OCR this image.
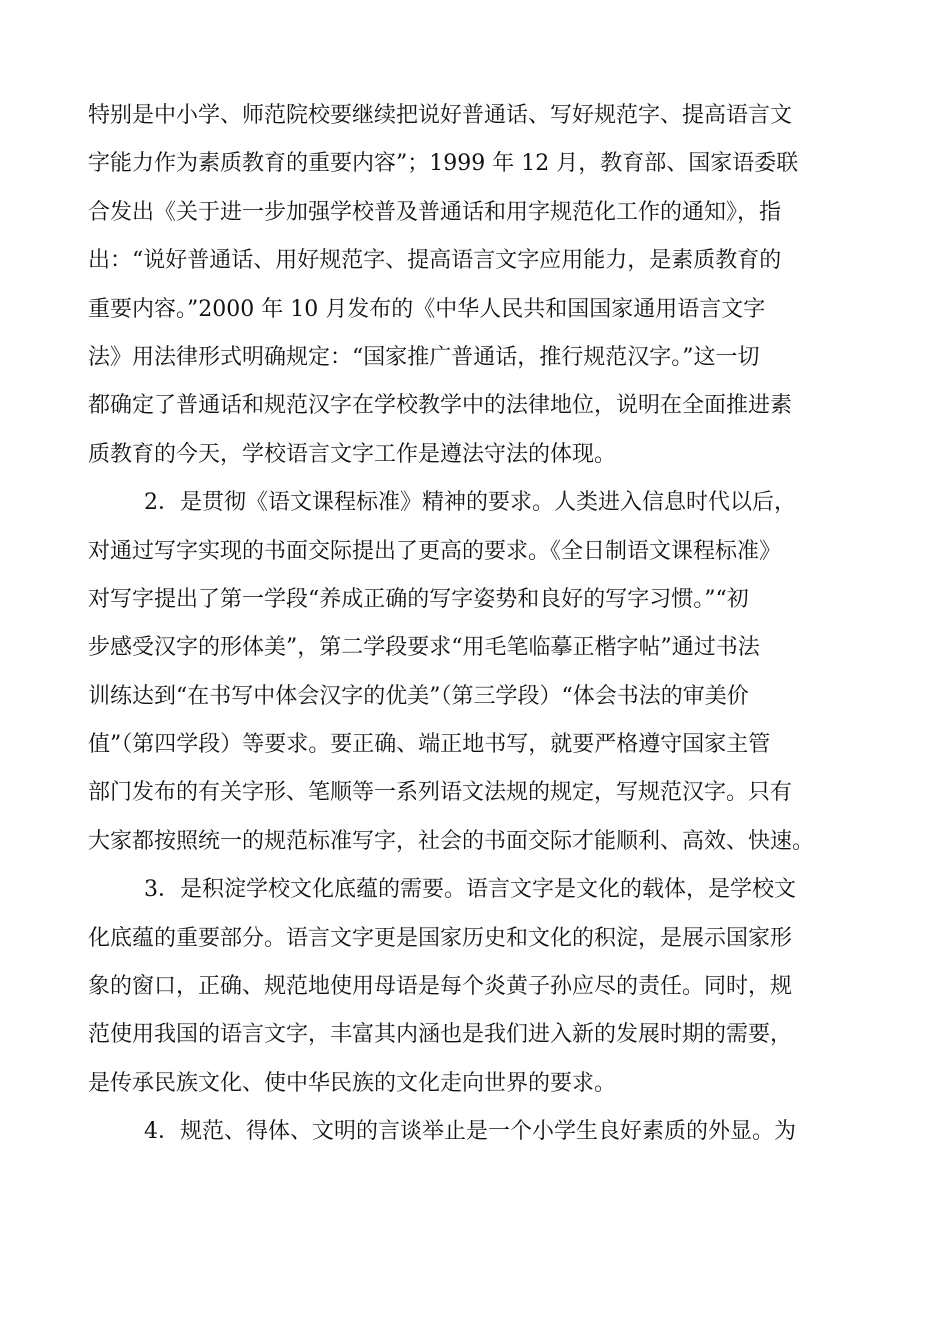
特别是中小学、师范院校要继续把说好普通话、写好规范字、提高语言文
字能力作为素质教育的重要内容”；1999 年 12 月，教育部、国家语委联
合发出《关于进一步加强学校普及普通话和用字规范化工作的通知》，指
出：“说好普通话、用好规范字、提高语言文字应用能力，是素质教育的
重要内容。”2000 年 10 月发布的《中华人民共和国国家通用语言文字
法》用法律形式明确规定：“国家推广普通话，推行规范汉字。”这一切
都确定了普通话和规范汉字在学校教学中的法律地位，说明在全面推进素
质教育的今天，学校语言文字工作是遵法守法的体现。
2．是贯彻《语文课程标准》精神的要求。人类进入信息时代以后，
对通过写字实现的书面交际提出了更高的要求。《全日制语文课程标准》
对写字提出了第一学段“养成正确的写字姿势和良好的写字习惯。”“初
步感受汉字的形体美”，第二学段要求“用毛笔临摹正楷字帖”通过书法
训练达到“在书写中体会汉字的优美”（第三学段）“体会书法的审美价
值”（第四学段）等要求。要正确、端正地书写，就要严格遵守国家主管
部门发布的有关字形、笔顺等一系列语文法规的规定，写规范汉字。只有
大家都按照统一的规范标准写字，社会的书面交际才能顺利、高效、快速。
3．是积淀学校文化底蕴的需要。语言文字是文化的载体，是学校文
化底蕴的重要部分。语言文字更是国家历史和文化的积淀，是展示国家形
象的窗口，正确、规范地使用母语是每个炎黄子孙应尽的责任。同时，规
范使用我国的语言文字，丰富其内涵也是我们进入新的发展时期的需要，
是传承民族文化、使中华民族的文化走向世界的要求。
4．规范、得体、文明的言谈举止是一个小学生良好素质的外显。为
